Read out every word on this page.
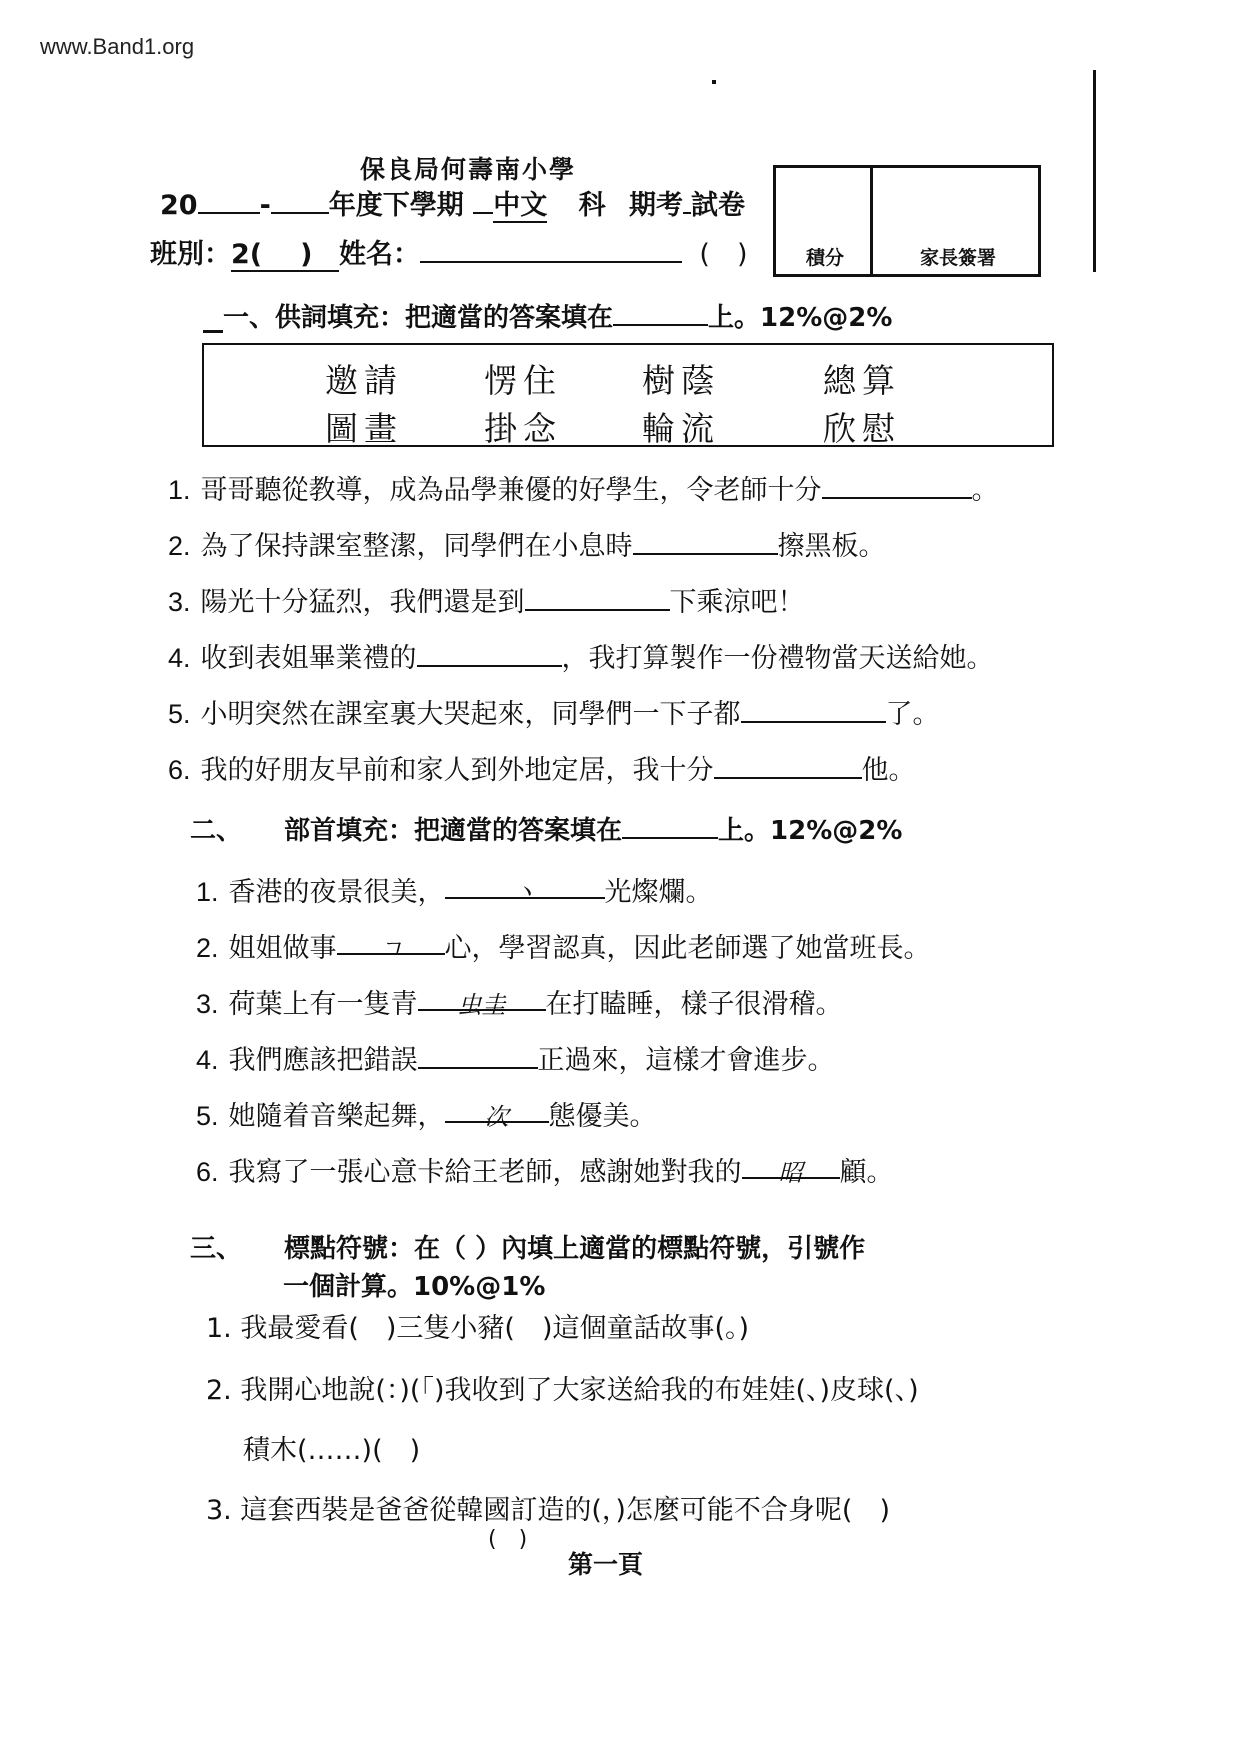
www.Band1.org
保良局何壽南小學
20 - 年度下學期 中文 科 期考 試卷
班別：2( ) 姓名：	(　)	積分	家長簽署
一、供詞填充：把適當的答案填在	上。12%@2%
邀請 愣住 樹蔭	總算
圖畫 掛念 輪流	欣慰
1. 哥哥聽從教導，成為品學兼優的好學生，令老師十分	。
2. 為了保持課室整潔，同學們在小息時	擦黑板。
3. 陽光十分猛烈，我們還是到	下乘涼吧！
4. 收到表姐畢業禮的	，我打算製作一份禮物當天送給她。
5. 小明突然在課室裏大哭起來，同學們一下子都	了。
6. 我的好朋友早前和家人到外地定居，我十分	他。
二、 部首填充：把適當的答案填在	上。12%@2%
1. 香港的夜景很美，	丶	光燦爛。
2. 姐姐做事 ㄱ 心，學習認真，因此老師選了她當班長。
3. 荷葉上有一隻青 虫圭 在打瞌睡，樣子很滑稽。
4. 我們應該把錯誤	正過來，這樣才會進步。
5. 她隨着音樂起舞， 次 態優美。
6. 我寫了一張心意卡給王老師，感謝她對我的 昭 顧。
三、 標點符號：在（ ）內填上適當的標點符號，引號作
一個計算。10%@1%
1. 我最愛看(　)三隻小豬(　)這個童話故事(。)
2. 我開心地說(：)(「)我收到了大家送給我的布娃娃(、)皮球(、)
積木(……)(　)
3. 這套西裝是爸爸從韓國訂造的(，)怎麼可能不合身呢(　)
(　)
第一頁
